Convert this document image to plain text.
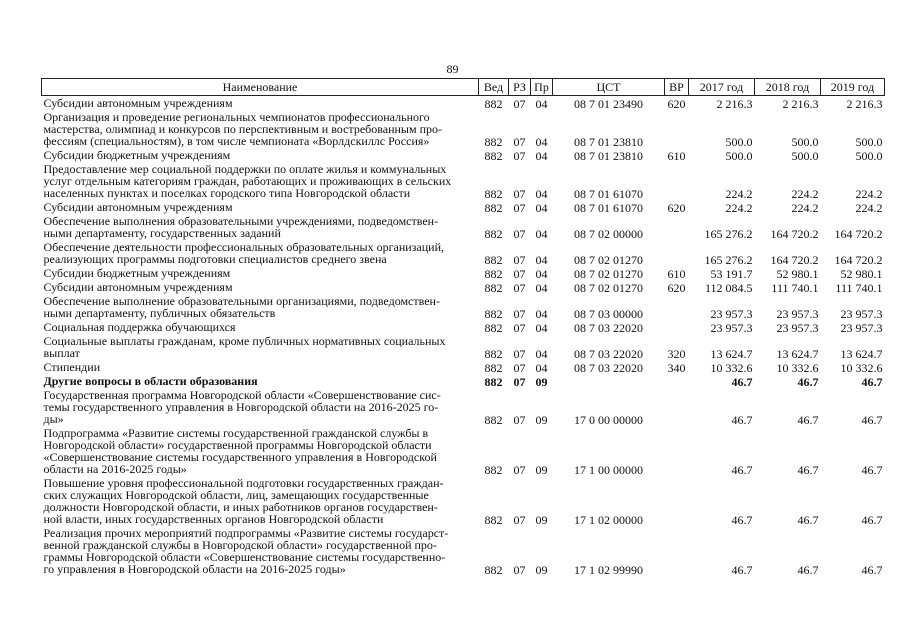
89
Наименование	Вед	РЗ	Пр	ЦСТ	ВР	2017 год	2018 год	2019 год
Субсидии автономным учреждениям	882	07	04	08 7 01 23490	620	2 216.3	2 216.3	2 216.3
Организация и проведение региональных чемпионатов профессионального
мастерства, олимпиад и конкурсов по перспективным и востребованным про-
фессиям (специальностям), в том числе чемпионата «Ворлдскиллс Россия»	882	07	04	08 7 01 23810		500.0	500.0	500.0
Субсидии бюджетным учреждениям	882	07	04	08 7 01 23810	610	500.0	500.0	500.0
Предоставление мер социальной поддержки по оплате жилья и коммунальных
услуг отдельным категориям граждан, работающих и проживающих в сельских
населенных пунктах и поселках городского типа Новгородской области	882	07	04	08 7 01 61070		224.2	224.2	224.2
Субсидии автономным учреждениям	882	07	04	08 7 01 61070	620	224.2	224.2	224.2
Обеспечение выполнения образовательными учреждениями, подведомствен-
ными департаменту, государственных заданий	882	07	04	08 7 02 00000		165 276.2	164 720.2	164 720.2
Обеспечение деятельности профессиональных образовательных организаций,
реализующих программы подготовки специалистов среднего звена	882	07	04	08 7 02 01270		165 276.2	164 720.2	164 720.2
Субсидии бюджетным учреждениям	882	07	04	08 7 02 01270	610	53 191.7	52 980.1	52 980.1
Субсидии автономным учреждениям	882	07	04	08 7 02 01270	620	112 084.5	111 740.1	111 740.1
Обеспечение выполнение образовательными организациями, подведомствен-
ными департаменту, публичных обязательств	882	07	04	08 7 03 00000		23 957.3	23 957.3	23 957.3
Социальная поддержка обучающихся	882	07	04	08 7 03 22020		23 957.3	23 957.3	23 957.3
Социальные выплаты гражданам, кроме публичных нормативных социальных
выплат	882	07	04	08 7 03 22020	320	13 624.7	13 624.7	13 624.7
Стипендии	882	07	04	08 7 03 22020	340	10 332.6	10 332.6	10 332.6
Другие вопросы в области образования	882	07	09			46.7	46.7	46.7
Государственная программа Новгородской области «Совершенствование сис-
темы государственного управления в Новгородской области на 2016-2025 го-
ды»	882	07	09	17 0 00 00000		46.7	46.7	46.7
Подпрограмма «Развитие системы государственной гражданской службы в
Новгородской области» государственной программы Новгородской области
«Совершенствование системы государственного управления в Новгородской
области на 2016-2025 годы»	882	07	09	17 1 00 00000		46.7	46.7	46.7
Повышение уровня профессиональной подготовки государственных граждан-
ских служащих Новгородской области, лиц, замещающих государственные
должности Новгородской области, и иных работников органов государствен-
ной власти, иных государственных органов Новгородской области	882	07	09	17 1 02 00000		46.7	46.7	46.7
Реализация прочих мероприятий подпрограммы «Развитие системы государст-
венной гражданской службы в Новгородской области» государственной про-
граммы Новгородской области «Совершенствование системы государственно-
го управления в Новгородской области на 2016-2025 годы»	882	07	09	17 1 02 99990		46.7	46.7	46.7
